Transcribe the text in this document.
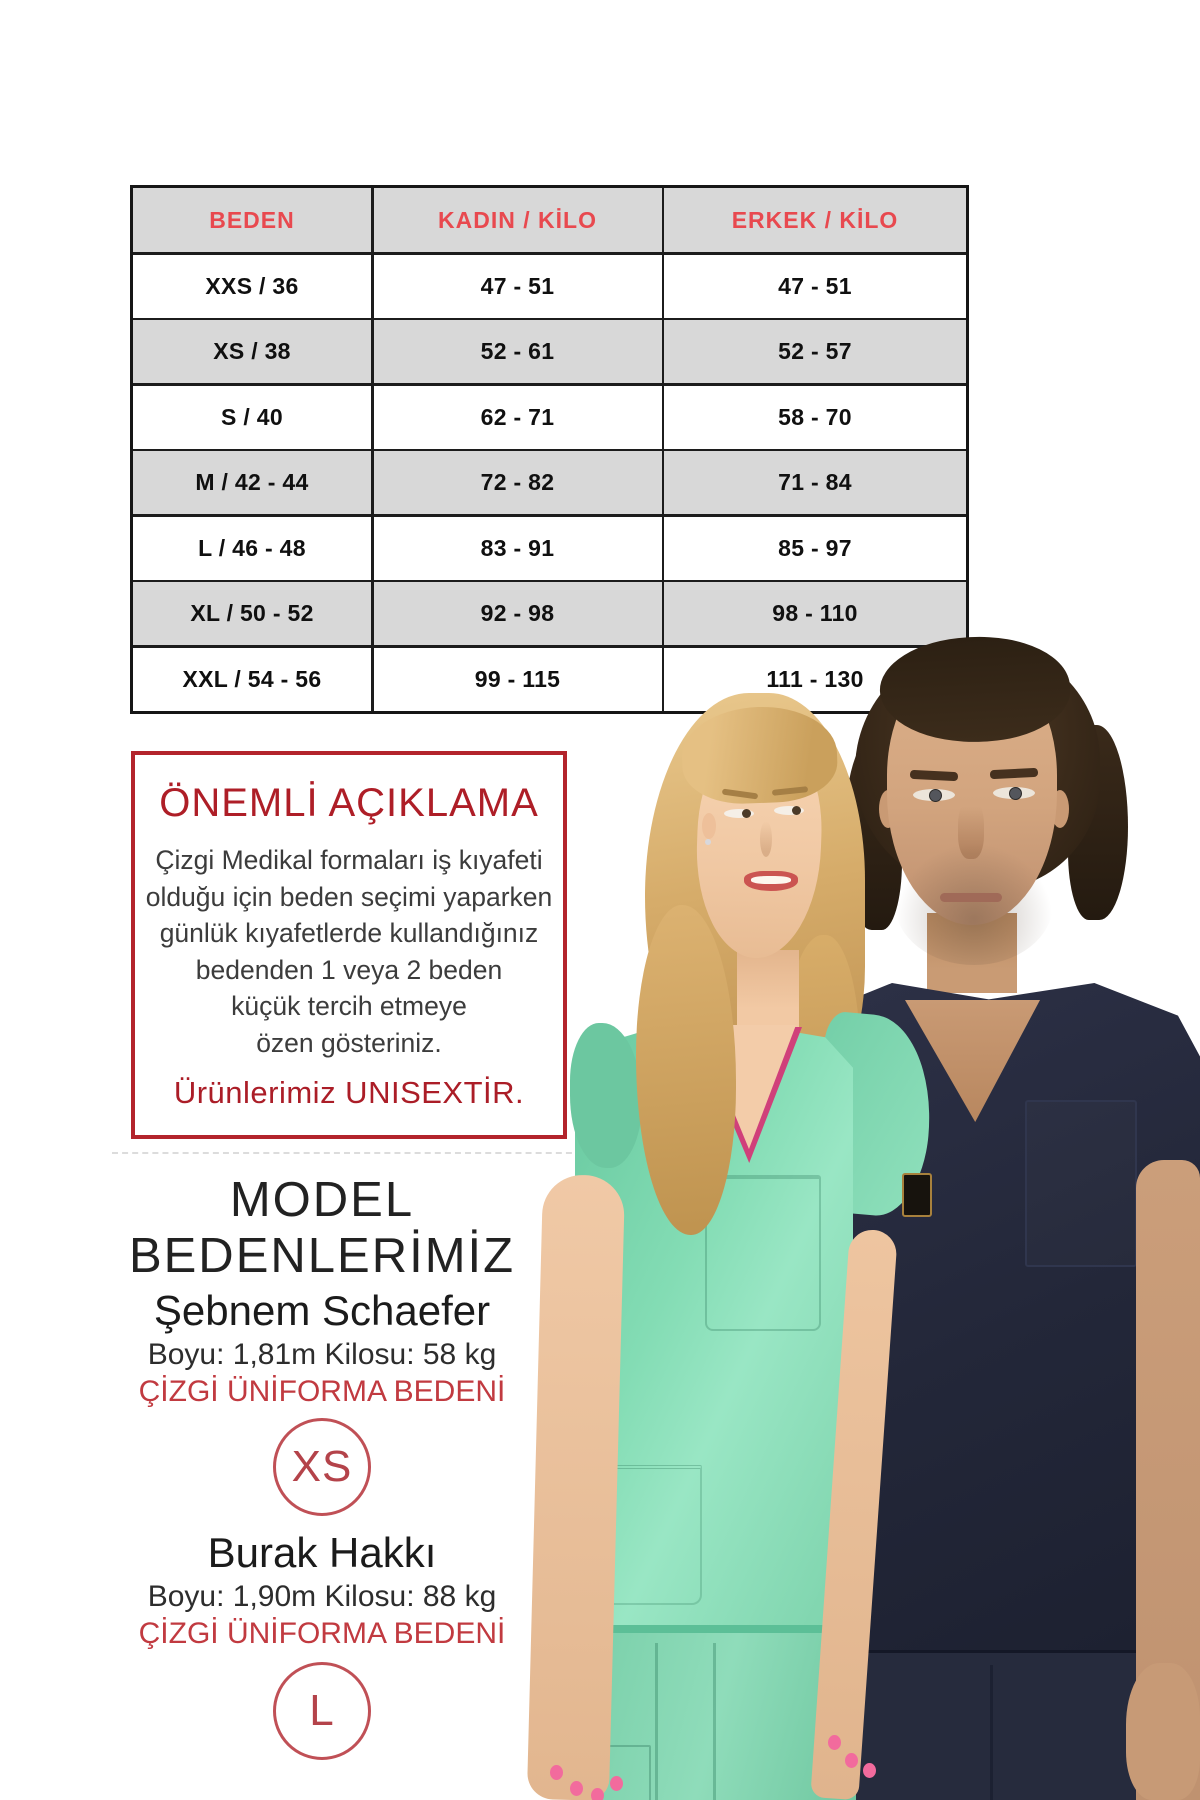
BEDEN	KADIN / KİLO	ERKEK / KİLO
XXS / 36	47 - 51	47 - 51
XS / 38	52 - 61	52 - 57
S / 40	62 - 71	58 - 70
M / 42 - 44	72 - 82	71 - 84
L / 46 - 48	83 - 91	85 - 97
XL / 50 - 52	92 - 98	98 - 110
XXL / 54 - 56	99 - 115	111 - 130
ÖNEMLİ AÇIKLAMA
Çizgi Medikal formaları iş kıyafeti
olduğu için beden seçimi yaparken
günlük kıyafetlerde kullandığınız
bedenden 1 veya 2 beden
küçük tercih etmeye
özen gösteriniz.
Ürünlerimiz UNISEXTİR.
MODEL
BEDENLERİMİZ
Şebnem Schaefer
Boyu: 1,81m Kilosu: 58 kg
ÇİZGİ ÜNİFORMA BEDENİ
XS
Burak Hakkı
Boyu: 1,90m Kilosu: 88 kg
ÇİZGİ ÜNİFORMA BEDENİ
L
